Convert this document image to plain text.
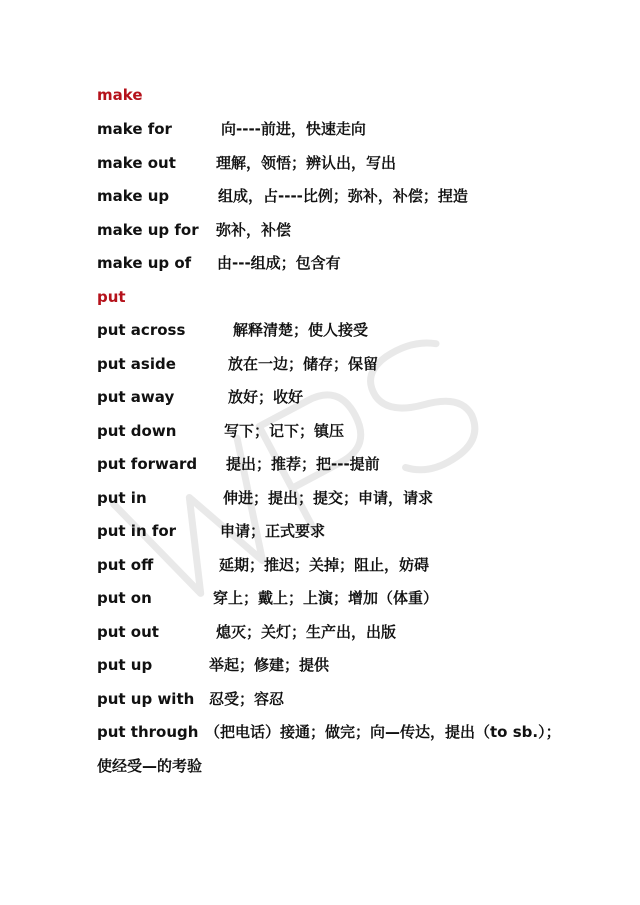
make
make for	向----前进，快速走向
make out	理解，领悟；辨认出，写出
make up	组成，占----比例；弥补，补偿；捏造
make up for 弥补，补偿
make up of 由---组成；包含有
put
put across	解释清楚；使人接受
put aside	放在一边；储存；保留
put away	放好；收好
put down	写下；记下；镇压
put forward 提出；推荐；把---提前
put in	伸进；提出；提交；申请，请求
put in for	申请；正式要求
put off	延期；推迟；关掉；阻止，妨碍
put on	穿上；戴上；上演；增加（体重）
put out	熄灭；关灯；生产出，出版
put up	举起；修建；提供
put up with 忍受；容忍
put through （把电话）接通；做完；向—传达，提出（to sb.）；
使经受—的考验
